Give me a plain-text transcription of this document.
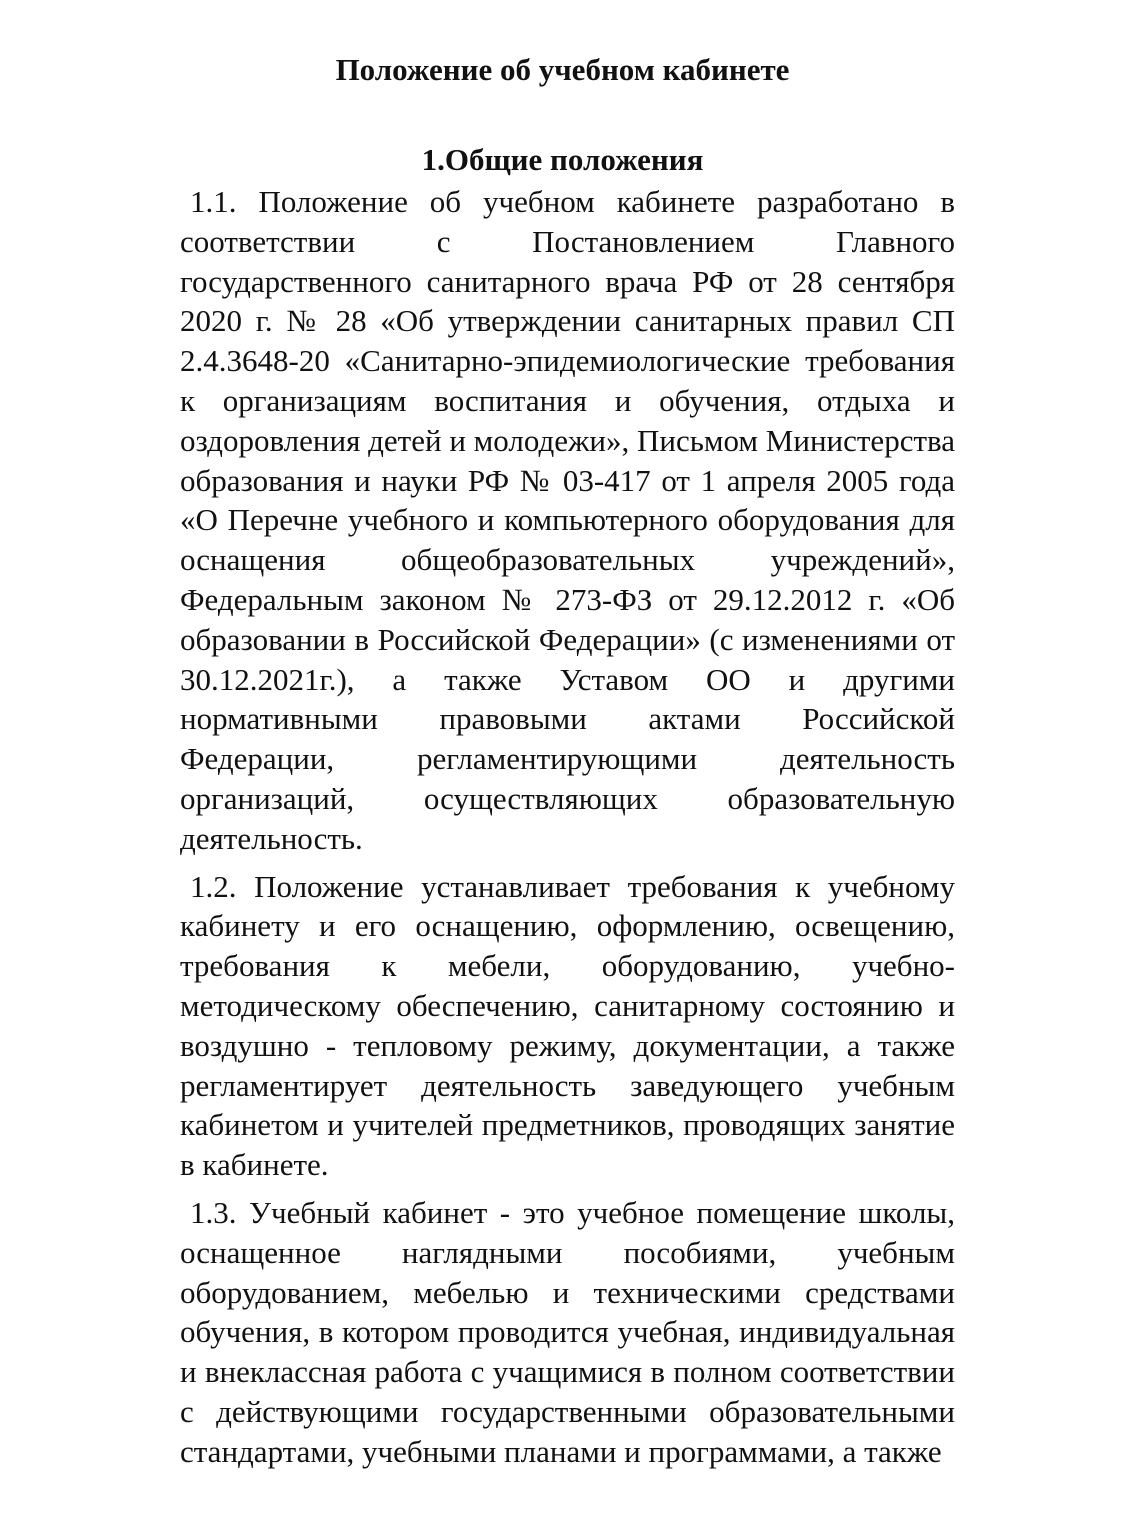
Положение об учебном кабинете
1.Общие положения

1.1. Положение об учебном кабинете разработано в соответствии с Постановлением Главного государственного санитарного врача РФ от 28 сентября 2020 г. № 28 «Об утверждении санитарных правил СП 2.4.3648-20 «Санитарно-эпидемиологические требования к организациям воспитания и обучения, отдыха и оздоровления детей и молодежи», Письмом Министерства образования и науки РФ № 03-417 от 1 апреля 2005 года «О Перечне учебного и компьютерного оборудования для оснащения общеобразовательных учреждений», Федеральным законом № 273-ФЗ от 29.12.2012 г. «Об образовании в Российской Федерации» (с изменениями от 30.12.2021г.), а также Уставом ОО и другими нормативными правовыми актами Российской Федерации, регламентирующими деятельность организаций, осуществляющих образовательную деятельность.

1.2. Положение устанавливает требования к учебному кабинету и его оснащению, оформлению, освещению, требования к мебели, оборудованию, учебно-методическому обеспечению, санитарному состоянию и воздушно - тепловому режиму, документации, а также регламентирует деятельность заведующего учебным кабинетом и учителей предметников, проводящих занятие в кабинете.

1.3. Учебный кабинет - это учебное помещение школы, оснащенное наглядными пособиями, учебным оборудованием, мебелью и техническими средствами обучения, в котором проводится учебная, индивидуальная и внеклассная работа с учащимися в полном соответствии с действующими государственными образовательными стандартами, учебными планами и программами, а также
